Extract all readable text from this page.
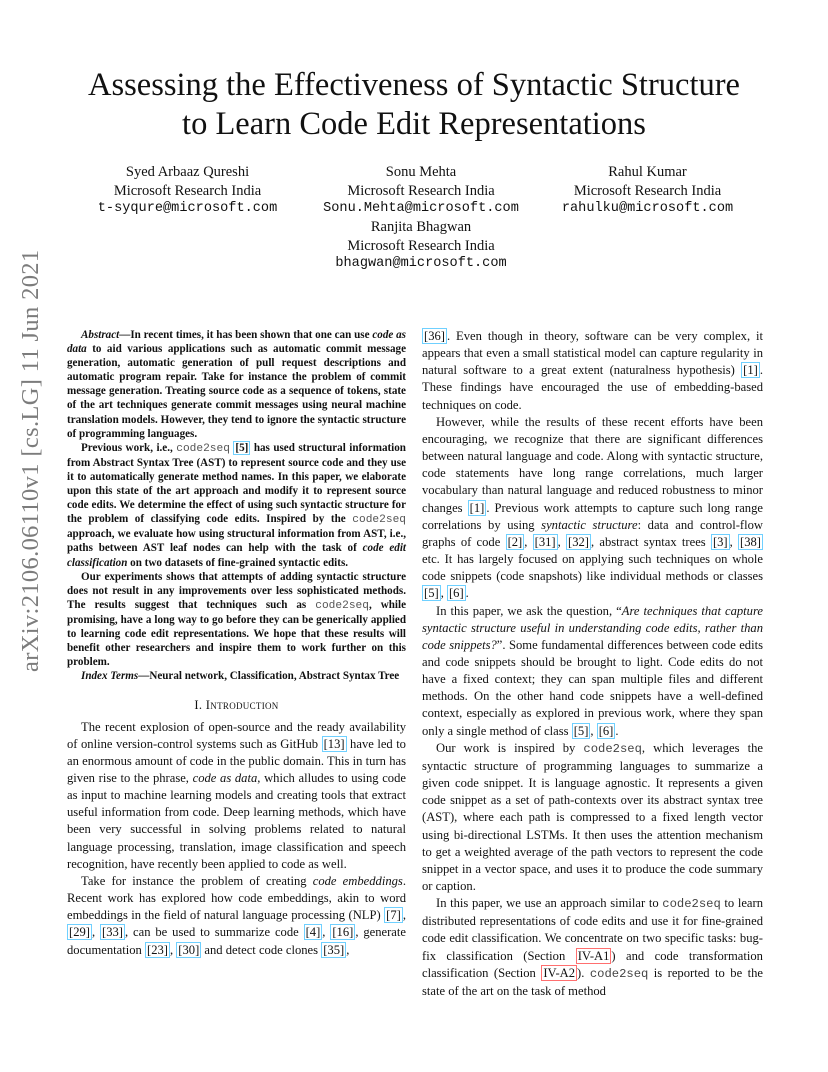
Assessing the Effectiveness of Syntactic Structure
to Learn Code Edit Representations
Syed Arbaaz Qureshi
Microsoft Research India
t-syqure@microsoft.com
Sonu Mehta
Microsoft Research India
Sonu.Mehta@microsoft.com
Rahul Kumar
Microsoft Research India
rahulku@microsoft.com
Ranjita Bhagwan
Microsoft Research India
bhagwan@microsoft.com
arXiv:2106.06110v1 [cs.LG] 11 Jun 2021	Abstract—In recent times, it has been shown that one can use code as data to aid various applications such as automatic commit message generation, automatic generation of pull request descriptions and automatic program repair. Take for instance the problem of commit message generation. Treating source code as a sequence of tokens, state of the art techniques generate commit messages using neural machine translation models. However, they tend to ignore the syntactic structure of programming languages.

Previous work, i.e., code2seq [5] has used structural information from Abstract Syntax Tree (AST) to represent source code and they use it to automatically generate method names. In this paper, we elaborate upon this state of the art approach and modify it to represent source code edits. We determine the effect of using such syntactic structure for the problem of classifying code edits. Inspired by the code2seq approach, we evaluate how using structural information from AST, i.e., paths between AST leaf nodes can help with the task of code edit classification on two datasets of fine-grained syntactic edits.

Our experiments shows that attempts of adding syntactic structure does not result in any improvements over less sophisticated methods. The results suggest that techniques such as code2seq, while promising, have a long way to go before they can be generically applied to learning code edit representations. We hope that these results will benefit other researchers and inspire them to work further on this problem.

Index Terms—Neural network, Classification, Abstract Syntax Tree

I. Introduction

The recent explosion of open-source and the ready availability of online version-control systems such as GitHub [13] have led to an enormous amount of code in the public domain. This in turn has given rise to the phrase, code as data, which alludes to using code as input to machine learning models and creating tools that extract useful information from code. Deep learning methods, which have been very successful in solving problems related to natural language processing, translation, image classification and speech recognition, have recently been applied to code as well.

Take for instance the problem of creating code embeddings. Recent work has explored how code embeddings, akin to word embeddings in the field of natural language processing (NLP) [7] , [29] , [33] , can be used to summarize code [4] , [16] , generate documentation [23] , [30] and detect code clones [35] ,

[36] . Even though in theory, software can be very complex, it appears that even a small statistical model can capture regularity in natural software to a great extent (naturalness hypothesis) [1] . These findings have encouraged the use of embedding-based techniques on code.

However, while the results of these recent efforts have been encouraging, we recognize that there are significant differences between natural language and code. Along with syntactic structure, code statements have long range correlations, much larger vocabulary than natural language and reduced robustness to minor changes [1] . Previous work attempts to capture such long range correlations by using syntactic structure: data and control-flow graphs of code [2] , [31] , [32] , abstract syntax trees [3] , [38] etc. It has largely focused on applying such techniques on whole code snippets (code snapshots) like individual methods or classes [5] , [6] .

In this paper, we ask the question, “Are techniques that capture syntactic structure useful in understanding code edits, rather than code snippets?”. Some fundamental differences between code edits and code snippets should be brought to light. Code edits do not have a fixed context; they can span multiple files and different methods. On the other hand code snippets have a well-defined context, especially as explored in previous work, where they span only a single method of class [5] , [6] .

Our work is inspired by code2seq, which leverages the syntactic structure of programming languages to summarize a given code snippet. It is language agnostic. It represents a given code snippet as a set of path-contexts over its abstract syntax tree (AST), where each path is compressed to a fixed length vector using bi-directional LSTMs. It then uses the attention mechanism to get a weighted average of the path vectors to represent the code snippet in a vector space, and uses it to produce the code summary or caption.

In this paper, we use an approach similar to code2seq to learn distributed representations of code edits and use it for fine-grained code edit classification. We concentrate on two specific tasks: bug-fix classification (Section IV-A1 ) and code transformation classification (Section IV-A2 ). code2seq is reported to be the state of the art on the task of method
